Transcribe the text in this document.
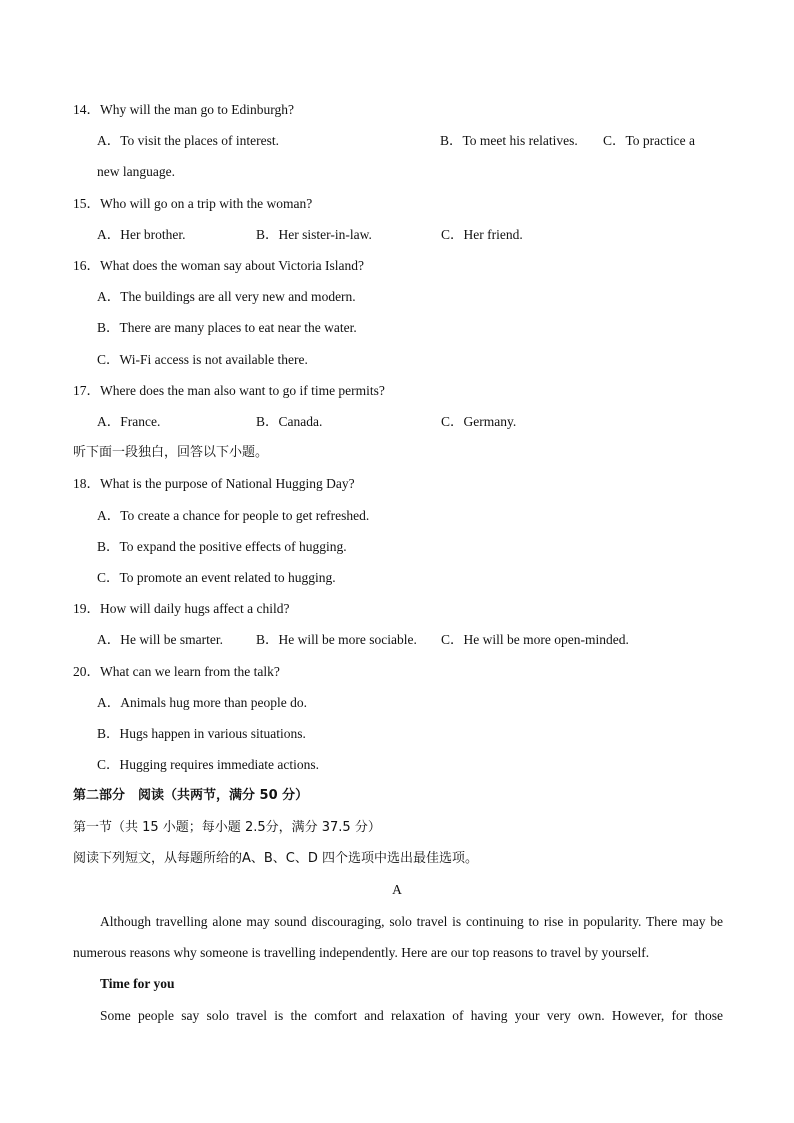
14．Why will the man go to Edinburgh?
A．To visit the places of interest.	B．To meet his relatives. C．To practice a
new language.
15．Who will go on a trip with the woman?
A．Her brother.	B．Her sister-in-law.	C．Her friend.
16．What does the woman say about Victoria Island?
A．The buildings are all very new and modern.
B．There are many places to eat near the water.
C．Wi-Fi access is not available there.
17．Where does the man also want to go if time permits?
A．France.	B．Canada.	C．Germany.
听下面一段独白，回答以下小题。
18．What is the purpose of National Hugging Day?
A．To create a chance for people to get refreshed.
B．To expand the positive effects of hugging.
C．To promote an event related to hugging.
19．How will daily hugs affect a child?
A．He will be smarter. B．He will be more sociable. C．He will be more open-minded.
20．What can we learn from the talk?
A．Animals hug more than people do.
B．Hugs happen in various situations.
C．Hugging requires immediate actions.
第二部分　阅读（共两节，满分 50 分）
第一节（共 15 小题；每小题 2.5分，满分 37.5 分）
阅读下列短文，从每题所给的A、B、C、D 四个选项中选出最佳选项。
A
Although travelling alone may sound discouraging, solo travel is continuing to rise in popularity. There may be numerous reasons why someone is travelling independently. Here are our top reasons to travel by yourself.
Time for you
Some people say solo travel is the comfort and relaxation of having your very own. However, for those
